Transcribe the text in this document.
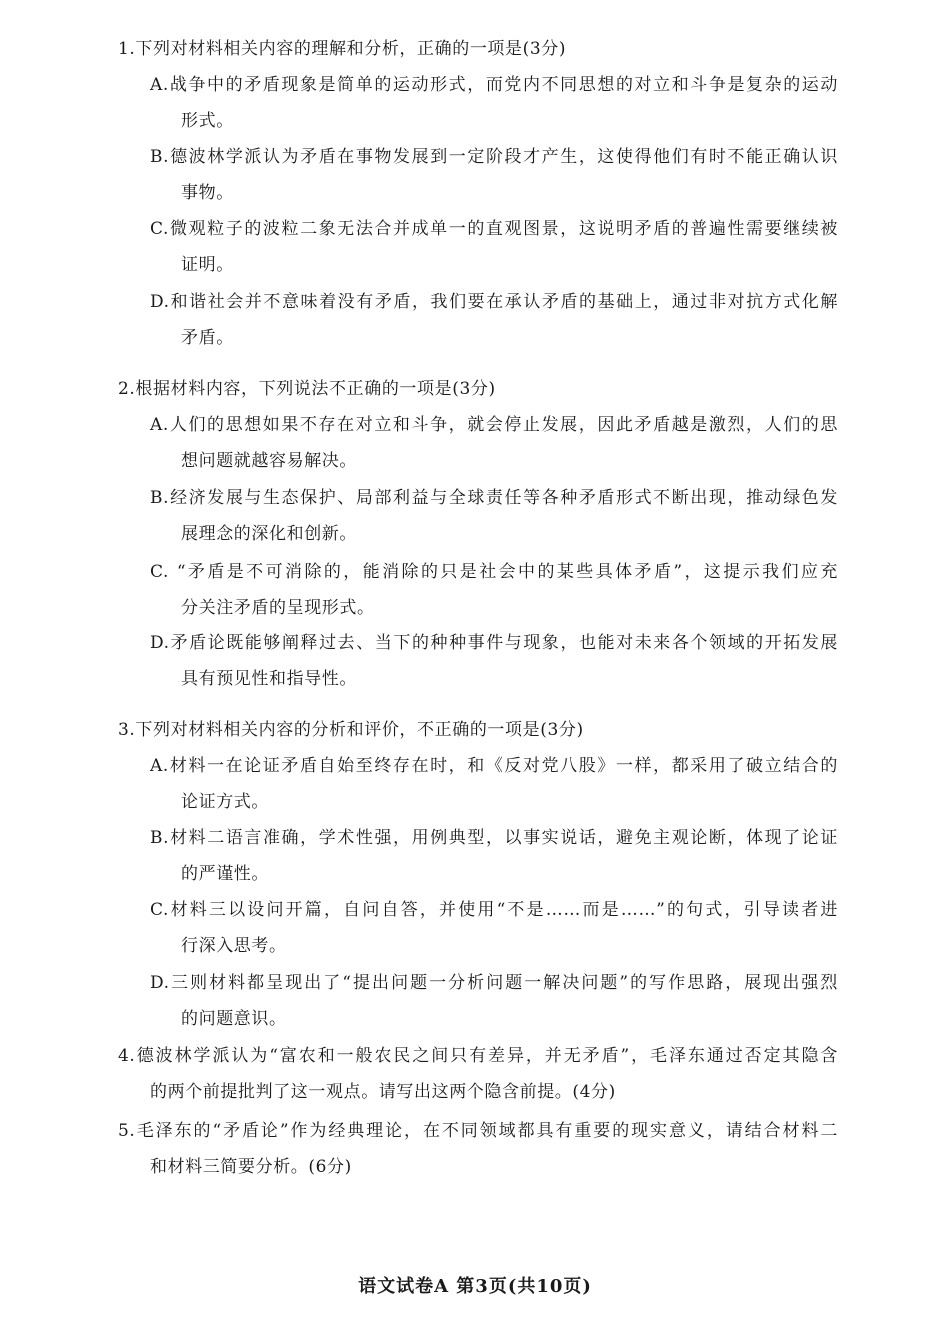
1.下列对材料相关内容的理解和分析，正确的一项是(3分)
A.战争中的矛盾现象是简单的运动形式，而党内不同思想的对立和斗争是复杂的运动
形式。
B.德波林学派认为矛盾在事物发展到一定阶段才产生，这使得他们有时不能正确认识
事物。
C.微观粒子的波粒二象无法合并成单一的直观图景，这说明矛盾的普遍性需要继续被
证明。
D.和谐社会并不意味着没有矛盾，我们要在承认矛盾的基础上，通过非对抗方式化解
矛盾。
2.根据材料内容，下列说法不正确的一项是(3分)
A.人们的思想如果不存在对立和斗争，就会停止发展，因此矛盾越是激烈，人们的思
想问题就越容易解决。
B.经济发展与生态保护、局部利益与全球责任等各种矛盾形式不断出现，推动绿色发
展理念的深化和创新。
C. “矛盾是不可消除的，能消除的只是社会中的某些具体矛盾”，这提示我们应充
分关注矛盾的呈现形式。
D.矛盾论既能够阐释过去、当下的种种事件与现象，也能对未来各个领域的开拓发展
具有预见性和指导性。
3.下列对材料相关内容的分析和评价，不正确的一项是(3分)
A.材料一在论证矛盾自始至终存在时，和《反对党八股》一样，都采用了破立结合的
论证方式。
B.材料二语言准确，学术性强，用例典型，以事实说话，避免主观论断，体现了论证
的严谨性。
C.材料三以设问开篇，自问自答，并使用“不是……而是……”的句式，引导读者进
行深入思考。
D.三则材料都呈现出了“提出问题一分析问题一解决问题”的写作思路，展现出强烈
的问题意识。
4.德波林学派认为“富农和一般农民之间只有差异，并无矛盾”，毛泽东通过否定其隐含
的两个前提批判了这一观点。请写出这两个隐含前提。(4分)
5.毛泽东的“矛盾论”作为经典理论，在不同领域都具有重要的现实意义，请结合材料二
和材料三简要分析。(6分)
语文试卷A 第3页(共10页)
